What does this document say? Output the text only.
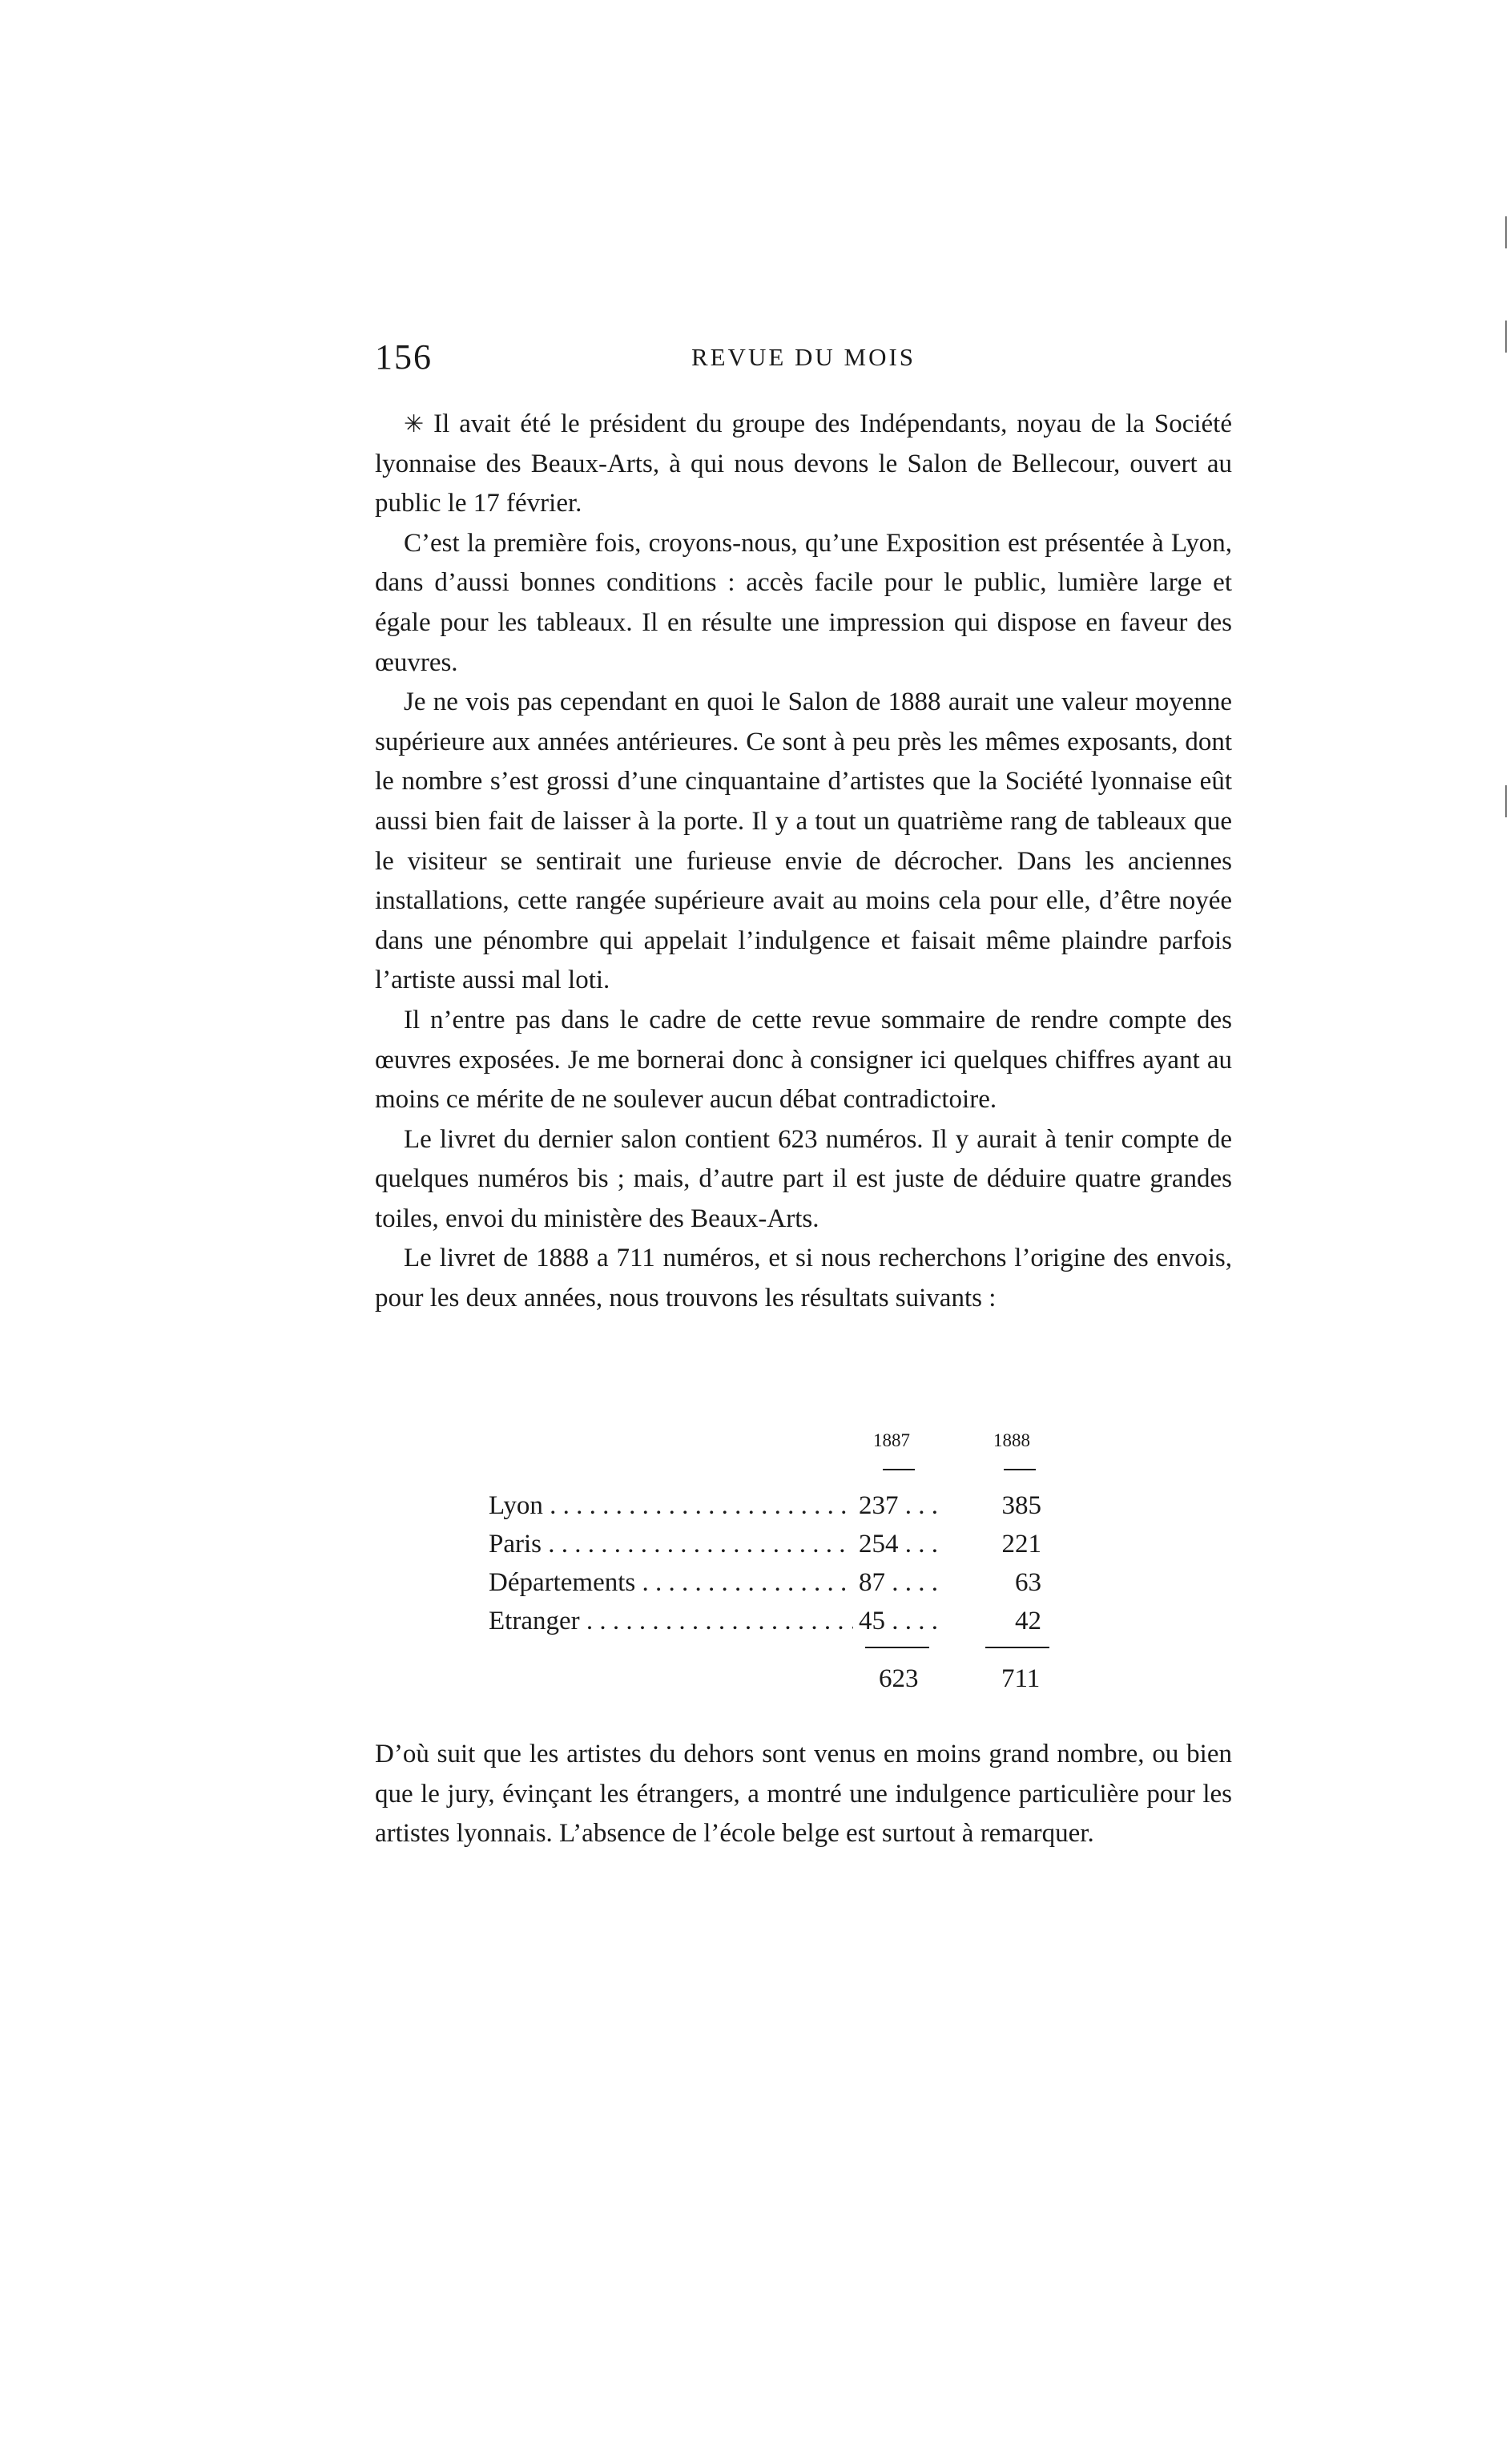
156	REVUE DU MOIS

✳ Il avait été le président du groupe des Indépendants, noyau de la Société lyonnaise des Beaux-Arts, à qui nous devons le Salon de Bellecour, ouvert au public le 17 février.

C’est la première fois, croyons-nous, qu’une Exposition est présentée à Lyon, dans d’aussi bonnes conditions : accès facile pour le public, lumière large et égale pour les tableaux. Il en résulte une impression qui dispose en faveur des œuvres.

Je ne vois pas cependant en quoi le Salon de 1888 aurait une valeur moyenne supérieure aux années antérieures. Ce sont à peu près les mêmes exposants, dont le nombre s’est grossi d’une cinquantaine d’artistes que la Société lyonnaise eût aussi bien fait de laisser à la porte. Il y a tout un quatrième rang de tableaux que le visiteur se sentirait une furieuse envie de décrocher. Dans les anciennes installations, cette rangée supérieure avait au moins cela pour elle, d’être noyée dans une pénombre qui appelait l’indulgence et faisait même plaindre parfois l’artiste aussi mal loti.

Il n’entre pas dans le cadre de cette revue sommaire de rendre compte des œuvres exposées. Je me bornerai donc à consigner ici quelques chiffres ayant au moins ce mérite de ne soulever aucun débat contradictoire.

Le livret du dernier salon contient 623 numéros. Il y aurait à tenir compte de quelques numéros bis ; mais, d’autre part il est juste de déduire quatre grandes toiles, envoi du ministère des Beaux-Arts.

Le livret de 1888 a 711 numéros, et si nous recherchons l’origine des envois, pour les deux années, nous trouvons les résultats suivants :

1887	1888
Lyon . . .	237 . . . .	385
Paris . . .	254 . . . .	221
Départements . . .	87 . . . .	63
Etranger . . .	45 . . . .	42
623	711

D’où suit que les artistes du dehors sont venus en moins grand nombre, ou bien que le jury, évinçant les étrangers, a montré une indulgence particulière pour les artistes lyonnais. L’absence de l’école belge est surtout à remarquer.
